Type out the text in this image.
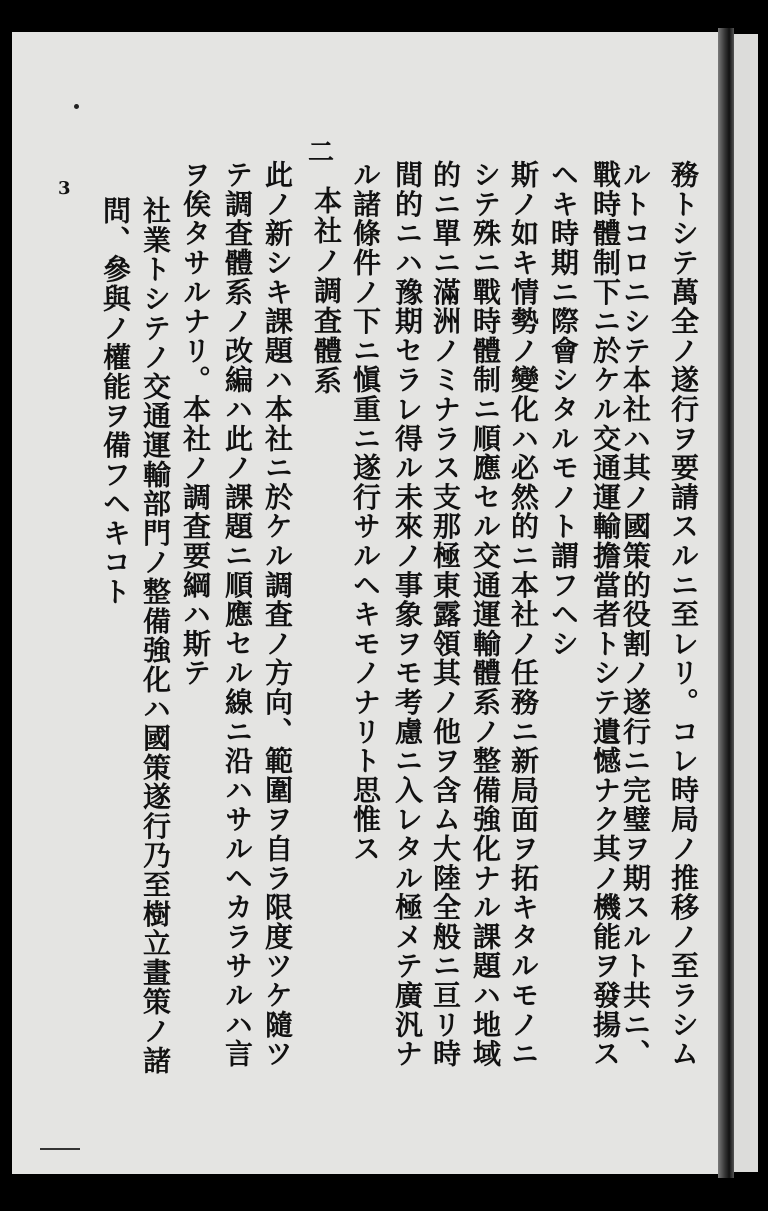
務トシテ萬全ノ遂行ヲ要請スルニ至レリ。コレ時局ノ推移ノ至ラシム
ルトコロニシテ本社ハ其ノ國策的役割ノ遂行ニ完璧ヲ期スルト共ニ、
戰時體制下ニ於ケル交通運輸擔當者トシテ遺憾ナク其ノ機能ヲ發揚ス
ヘキ時期ニ際會シタルモノト謂フヘシ
斯ノ如キ情勢ノ變化ハ必然的ニ本社ノ任務ニ新局面ヲ拓キタルモノニ
シテ殊ニ戰時體制ニ順應セル交通運輸體系ノ整備強化ナル課題ハ地域
的ニ單ニ滿洲ノミナラス支那極東露領其ノ他ヲ含ム大陸全般ニ亘リ時
間的ニハ豫期セラレ得ル未來ノ事象ヲモ考慮ニ入レタル極メテ廣汎ナ
ル諸條件ノ下ニ愼重ニ遂行サルヘキモノナリト思惟ス
二
本社ノ調査體系
此ノ新シキ課題ハ本社ニ於ケル調査ノ方向、範圍ヲ自ラ限度ツケ隨ツ
テ調査體系ノ改編ハ此ノ課題ニ順應セル線ニ沿ハサルヘカラサルハ言
ヲ俟タサルナリ。本社ノ調査要綱ハ斯テ
社業トシテノ交通運輸部門ノ整備強化ハ國策遂行乃至樹立畫策ノ諸
問、參與ノ權能ヲ備フヘキコト
3
